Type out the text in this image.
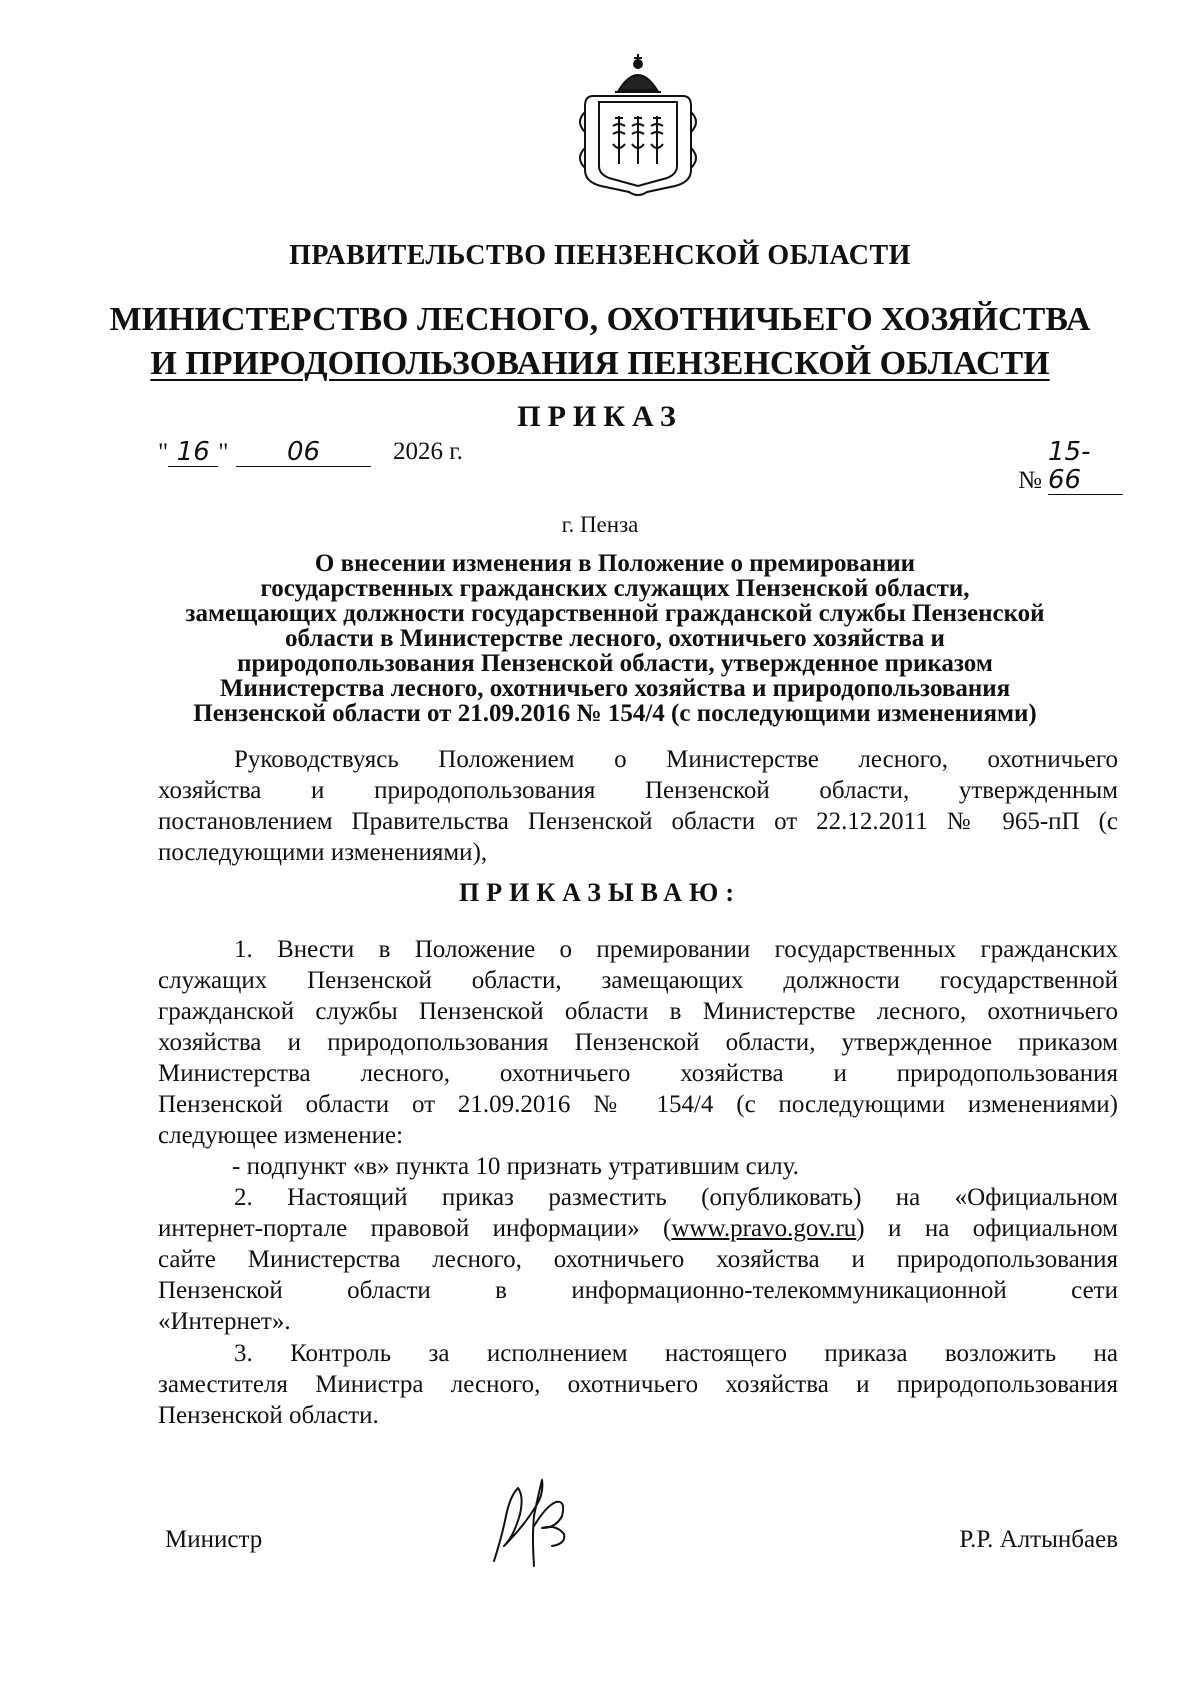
ПРАВИТЕЛЬСТВО ПЕНЗЕНСКОЙ ОБЛАСТИ
МИНИСТЕРСТВО ЛЕСНОГО, ОХОТНИЧЬЕГО ХОЗЯЙСТВА
И ПРИРОДОПОЛЬЗОВАНИЯ ПЕНЗЕНСКОЙ ОБЛАСТИ
ПРИКАЗ
" 16 "	06	2026 г.
№15-66
г. Пенза
О внесении изменения в Положение о премировании
государственных гражданских служащих Пензенской области,
замещающих должности государственной гражданской службы Пензенской
области в Министерстве лесного, охотничьего хозяйства и
природопользования Пензенской области, утвержденное приказом
Министерства лесного, охотничьего хозяйства и природопользования
Пензенской области от 21.09.2016 № 154/4 (с последующими изменениями)
Руководствуясь Положением о Министерстве лесного, охотничьего
хозяйства и природопользования Пензенской области, утвержденным
постановлением Правительства Пензенской области от 22.12.2011 № 965-пП (с
последующими изменениями),
ПРИКАЗЫВАЮ:
1. Внести в Положение о премировании государственных гражданских
служащих Пензенской области, замещающих должности государственной
гражданской службы Пензенской области в Министерстве лесного, охотничьего
хозяйства и природопользования Пензенской области, утвержденное приказом
Министерства лесного, охотничьего хозяйства и природопользования
Пензенской области от 21.09.2016 № 154/4 (с последующими изменениями)
следующее изменение:
- подпункт «в» пункта 10 признать утратившим силу.
2. Настоящий приказ разместить (опубликовать) на «Официальном
интернет-портале правовой информации» (www.pravo.gov.ru) и на официальном
сайте Министерства лесного, охотничьего хозяйства и природопользования
Пензенской области в информационно-телекоммуникационной сети
«Интернет».
3. Контроль за исполнением настоящего приказа возложить на
заместителя Министра лесного, охотничьего хозяйства и природопользования
Пензенской области.
Министр	Р.Р. Алтынбаев
